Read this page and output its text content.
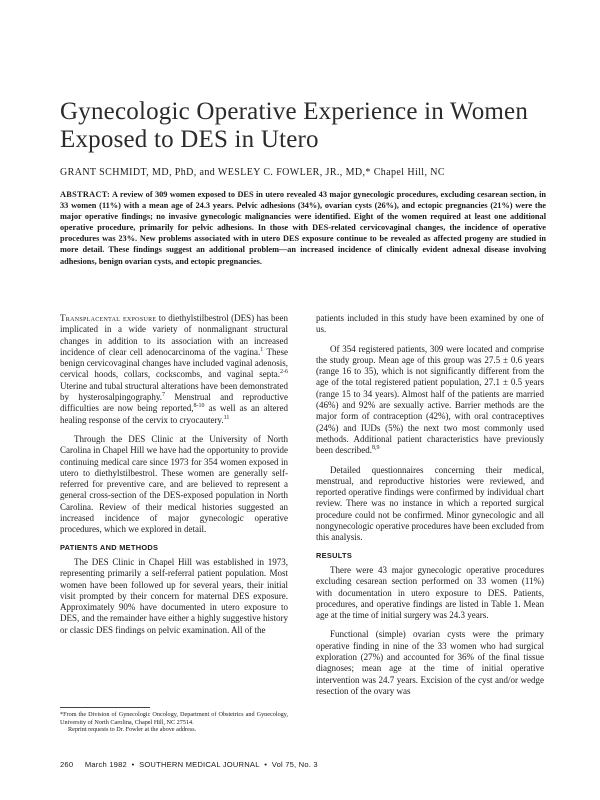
Gynecologic Operative Experience in Women
Exposed to DES in Utero
GRANT SCHMIDT, MD, PhD, and WESLEY C. FOWLER, JR., MD,* Chapel Hill, NC

ABSTRACT: A review of 309 women exposed to DES in utero revealed 43 major gynecologic procedures, excluding cesarean section, in 33 women (11%) with a mean age of 24.3 years. Pelvic adhesions (34%), ovarian cysts (26%), and ectopic pregnancies (21%) were the major operative findings; no invasive gynecologic malignancies were identified. Eight of the women required at least one additional operative procedure, primarily for pelvic adhesions. In those with DES-related cervicovaginal changes, the incidence of operative procedures was 23%. New problems associated with in utero DES exposure continue to be revealed as affected progeny are studied in more detail. These findings suggest an additional problem—an increased incidence of clinically evident adnexal disease involving adhesions, benign ovarian cysts, and ectopic pregnancies.

Transplacental exposure to diethylstilbestrol (DES) has been implicated in a wide variety of nonmalignant structural changes in addition to its association with an increased incidence of clear cell adenocarcinoma of the vagina.$^1$ These benign cervicovaginal changes have included vaginal adenosis, cervical hoods, collars, cockscombs, and vaginal septa.$^{2-6}$ Uterine and tubal structural alterations have been demonstrated by hysterosalpingography.$^7$ Menstrual and reproductive difficulties are now being reported,$^{8-10}$ as well as an altered healing response of the cervix to cryocautery.$^{11}$

Through the DES Clinic at the University of North Carolina in Chapel Hill we have had the opportunity to provide continuing medical care since 1973 for 354 women exposed in utero to diethylstilbestrol. These women are generally self-referred for preventive care, and are believed to represent a general cross-section of the DES-exposed population in North Carolina. Review of their medical histories suggested an increased incidence of major gynecologic operative procedures, which we explored in detail.

PATIENTS AND METHODS

The DES Clinic in Chapel Hill was established in 1973, representing primarily a self-referral patient population. Most women have been followed up for several years, their initial visit prompted by their concern for maternal DES exposure. Approximately 90% have documented in utero exposure to DES, and the remainder have either a highly suggestive history or classic DES findings on pelvic examination. All of the

patients included in this study have been examined by one of us.

Of 354 registered patients, 309 were located and comprise the study group. Mean age of this group was 27.5 ± 0.6 years (range 16 to 35), which is not significantly different from the age of the total registered patient population, 27.1 ± 0.5 years (range 15 to 34 years). Almost half of the patients are married (46%) and 92% are sexually active. Barrier methods are the major form of contraception (42%), with oral contraceptives (24%) and IUDs (5%) the next two most commonly used methods. Additional patient characteristics have previously been described.$^{8,9}$

Detailed questionnaires concerning their medical, menstrual, and reproductive histories were reviewed, and reported operative findings were confirmed by individual chart review. There was no instance in which a reported surgical procedure could not be confirmed. Minor gynecologic and all nongynecologic operative procedures have been excluded from this analysis.

RESULTS

There were 43 major gynecologic operative procedures excluding cesarean section performed on 33 women (11%) with documentation in utero exposure to DES. Patients, procedures, and operative findings are listed in Table 1. Mean age at the time of initial surgery was 24.3 years.

Functional (simple) ovarian cysts were the primary operative finding in nine of the 33 women who had surgical exploration (27%) and accounted for 36% of the final tissue diagnoses; mean age at the time of initial operative intervention was 24.7 years. Excision of the cyst and/or wedge resection of the ovary was

*From the Division of Gynecologic Oncology, Department of Obstetrics and Gynecology, University of North Carolina, Chapel Hill, NC 27514.

Reprint requests to Dr. Fowler at the above address.

260 March 1982 • SOUTHERN MEDICAL JOURNAL • Vol 75, No. 3
